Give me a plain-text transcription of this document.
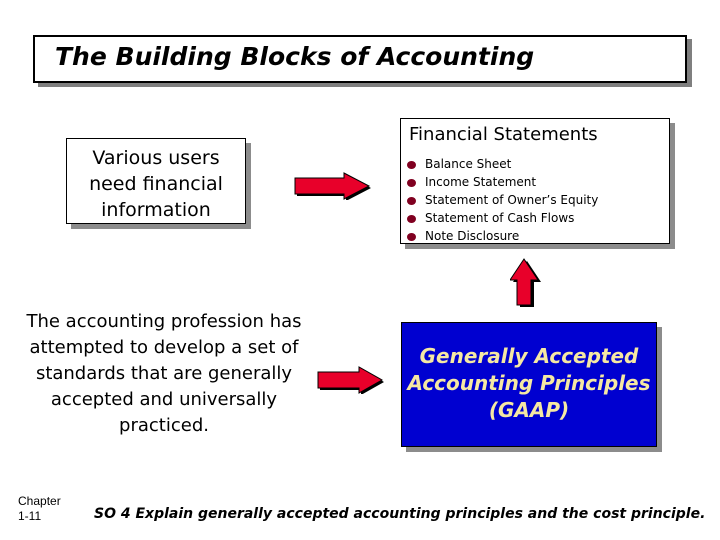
The Building Blocks of Accounting
Various users need financial information
Financial Statements
Balance Sheet
Income Statement
Statement of Owner’s Equity
Statement of Cash Flows
Note Disclosure
The accounting profession has attempted to develop a set of standards that are generally accepted and universally practiced.
Generally Accepted Accounting Principles (GAAP)
Chapter
1-11	SO 4 Explain generally accepted accounting principles and the cost principle.
